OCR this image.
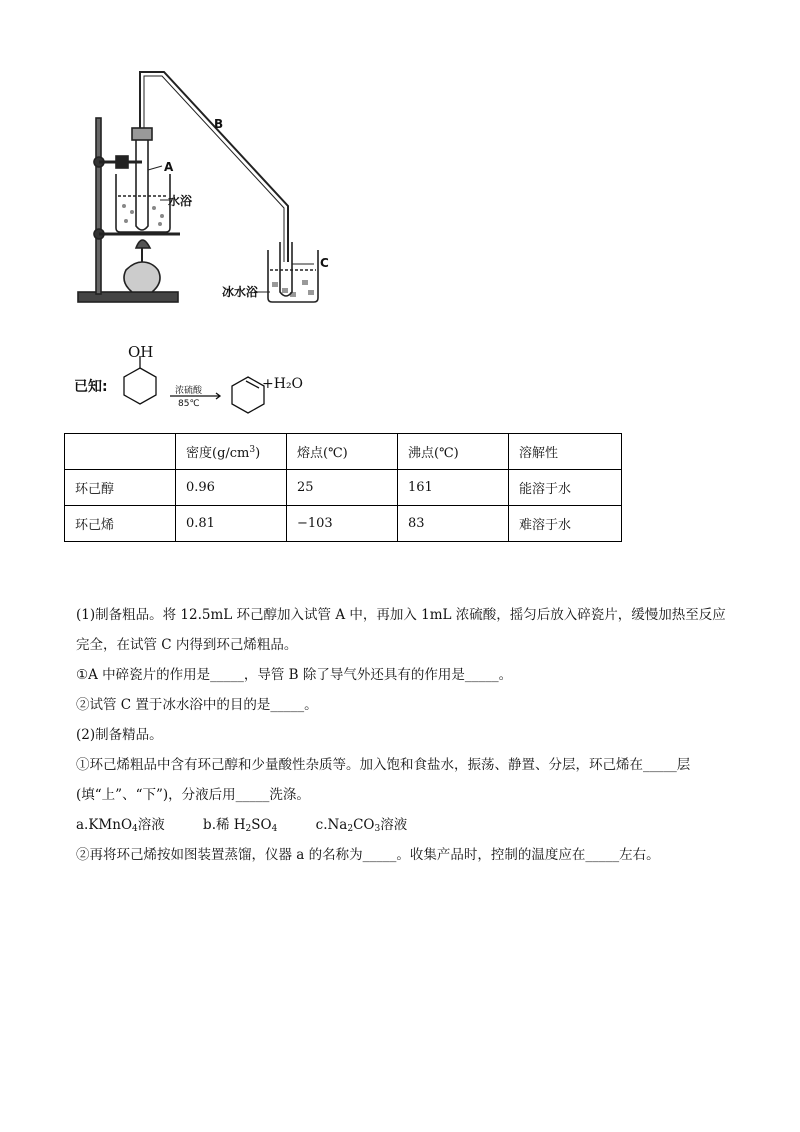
A
B
水浴
C
冰水浴
已知:
OH
浓硫酸
85℃
+H₂O
	密度$(g/cm^3)$	熔点(℃)	沸点(℃)	溶解性
环己醇	0.96	25	161	能溶于水
环己烯	0.81	−103	83	难溶于水
(1)制备粗品。将 12.5mL 环己醇加入试管 A 中，再加入 1mL 浓硫酸，摇匀后放入碎瓷片，缓慢加热至反应
完全，在试管 C 内得到环己烯粗品。
①A 中碎瓷片的作用是_____，导管 B 除了导气外还具有的作用是_____。
②试管 C 置于冰水浴中的目的是_____。
(2)制备精品。
①环己烯粗品中含有环己醇和少量酸性杂质等。加入饱和食盐水，振荡、静置、分层，环己烯在_____层
(填“上”、“下”)，分液后用_____洗涤。
a.KMnO$_4$溶液	b.稀 $H_2SO_4$	$c.Na_2CO_3$溶液
②再将环己烯按如图装置蒸馏，仪器 a 的名称为_____。收集产品时，控制的温度应在_____左右。
